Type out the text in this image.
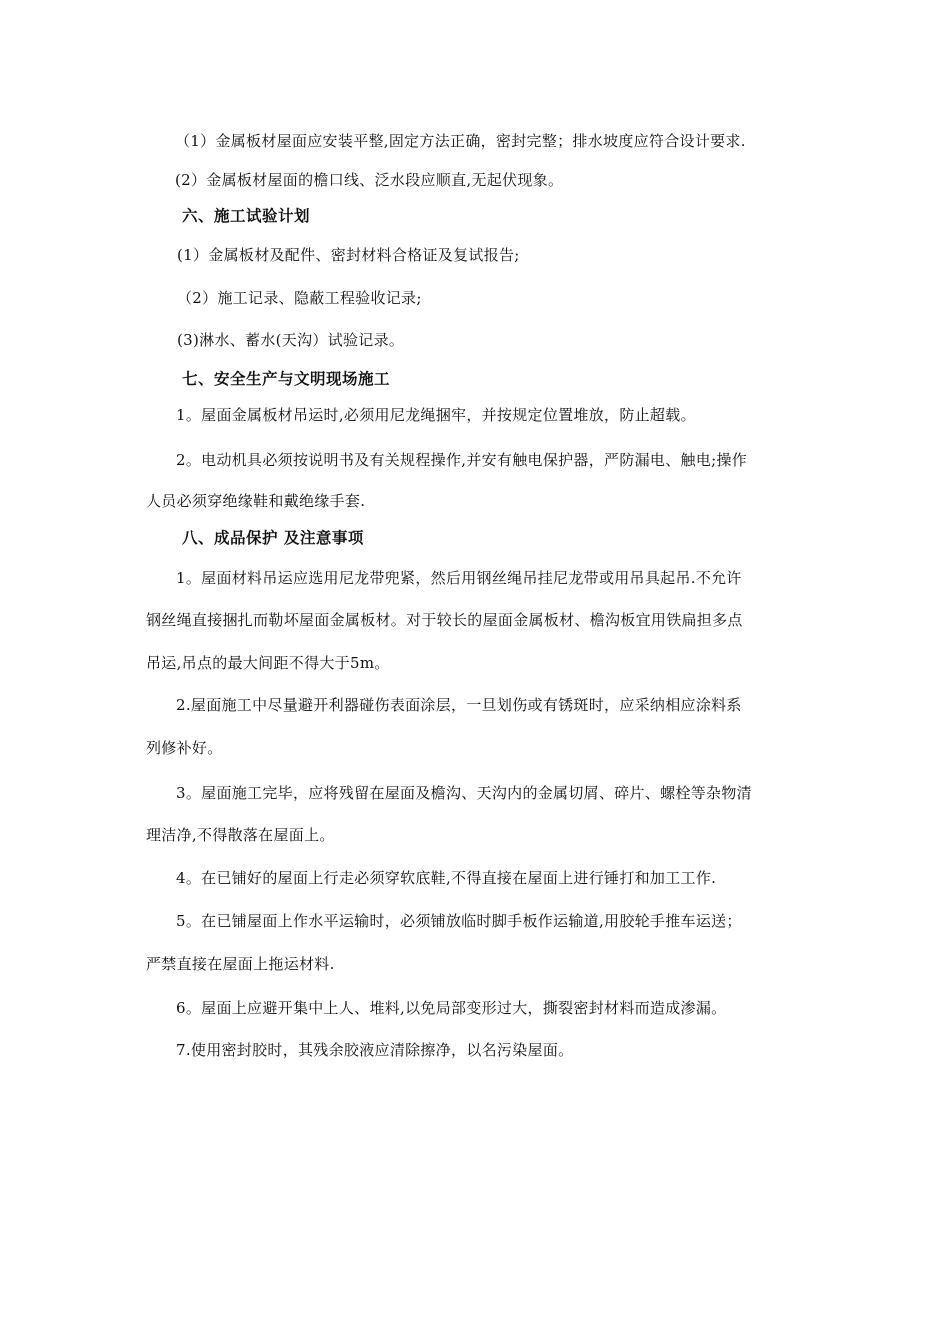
（1）金属板材屋面应安装平整,固定方法正确，密封完整；排水坡度应符合设计要求.
(2）金属板材屋面的檐口线、泛水段应顺直,无起伏现象。
六、施工试验计划
(1）金属板材及配件、密封材料合格证及复试报告;
（2）施工记录、隐蔽工程验收记录;
(3)淋水、蓄水(天沟）试验记录。
七、安全生产与文明现场施工
1。屋面金属板材吊运时,必须用尼龙绳捆牢，并按规定位置堆放，防止超载。
2。电动机具必须按说明书及有关规程操作,并安有触电保护器，严防漏电、触电;操作
人员必须穿绝缘鞋和戴绝缘手套.
八、成品保护 及注意事项
1。屋面材料吊运应选用尼龙带兜紧，然后用钢丝绳吊挂尼龙带或用吊具起吊.不允许
钢丝绳直接捆扎而勒坏屋面金属板材。对于较长的屋面金属板材、檐沟板宜用铁扁担多点
吊运,吊点的最大间距不得大于5m。
2.屋面施工中尽量避开利器碰伤表面涂层，一旦划伤或有锈斑时，应采纳相应涂料系
列修补好。
3。屋面施工完毕，应将残留在屋面及檐沟、天沟内的金属切屑、碎片、螺栓等杂物清
理洁净,不得散落在屋面上。
4。在已铺好的屋面上行走必须穿软底鞋,不得直接在屋面上进行锤打和加工工作.
5。在已铺屋面上作水平运输时，必须铺放临时脚手板作运输道,用胶轮手推车运送；
严禁直接在屋面上拖运材料.
6。屋面上应避开集中上人、堆料,以免局部变形过大，撕裂密封材料而造成渗漏。
7.使用密封胶时，其残余胶液应清除擦净，以名污染屋面。
